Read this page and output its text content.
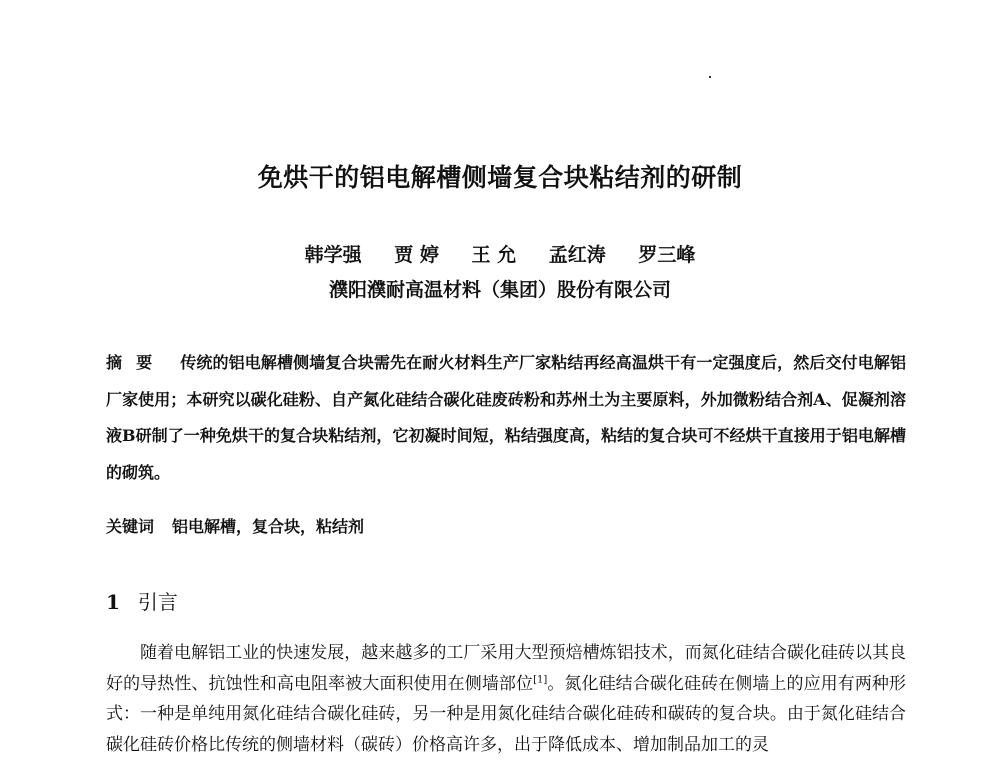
免烘干的铝电解槽侧墙复合块粘结剂的研制
韩学强 贾 婷 王 允 孟红涛 罗三峰
濮阳濮耐高温材料（集团）股份有限公司
摘要 传统的铝电解槽侧墙复合块需先在耐火材料生产厂家粘结再经高温烘干有一定强度后，然后交付电解铝厂家使用；本研究以碳化硅粉、自产氮化硅结合碳化硅废砖粉和苏州土为主要原料，外加微粉结合剂A、促凝剂溶液B研制了一种免烘干的复合块粘结剂，它初凝时间短，粘结强度高，粘结的复合块可不经烘干直接用于铝电解槽的砌筑。
关键词 铝电解槽，复合块，粘结剂
1 引言

随着电解铝工业的快速发展，越来越多的工厂采用大型预焙槽炼铝技术，而氮化硅结合碳化硅砖以其良好的导热性、抗蚀性和高电阻率被大面积使用在侧墙部位[1]。氮化硅结合碳化硅砖在侧墙上的应用有两种形式：一种是单纯用氮化硅结合碳化硅砖，另一种是用氮化硅结合碳化硅砖和碳砖的复合块。由于氮化硅结合碳化硅砖价格比传统的侧墙材料（碳砖）价格高许多，出于降低成本、增加制品加工的灵
